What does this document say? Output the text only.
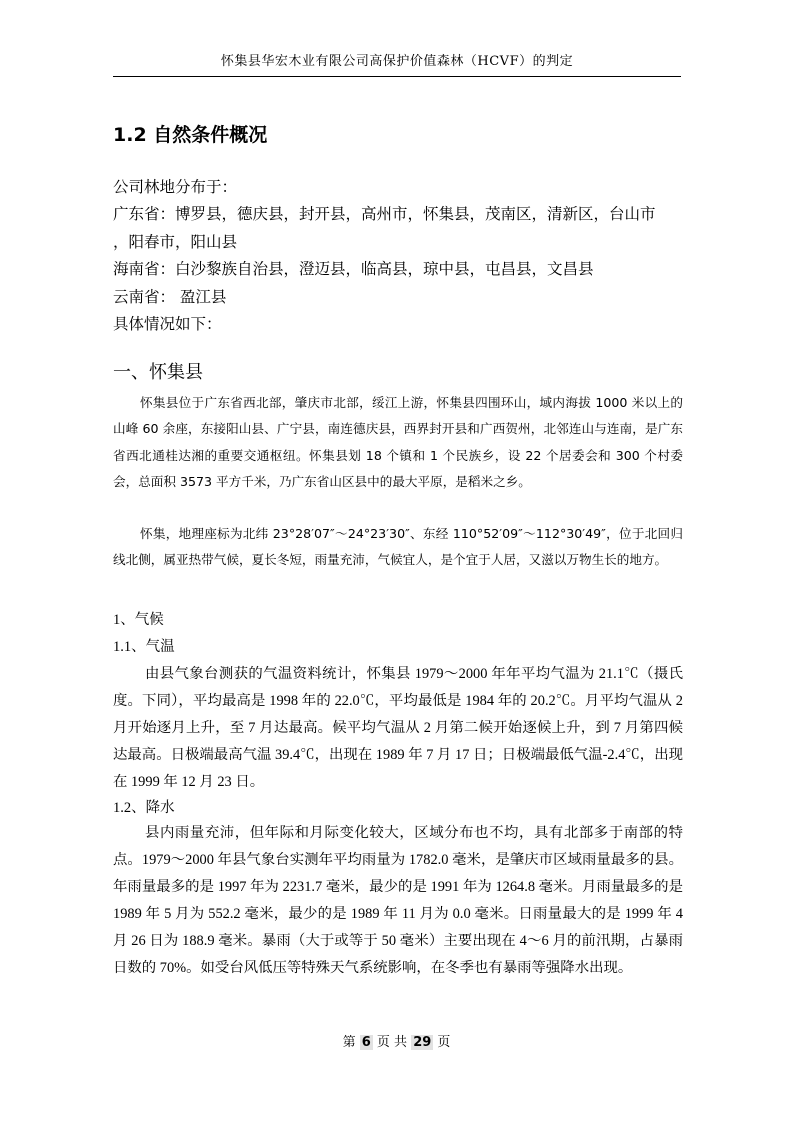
怀集县华宏木业有限公司高保护价值森林（HCVF）的判定
1.2 自然条件概况
公司林地分布于：
广东省：博罗县，德庆县，封开县，高州市，怀集县，茂南区，清新区，台山市
，阳春市，阳山县
海南省：白沙黎族自治县，澄迈县，临高县，琼中县，屯昌县，文昌县
云南省： 盈江县
具体情况如下：
一、怀集县

怀集县位于广东省西北部，肇庆市北部，绥江上游，怀集县四围环山，域内海拔 1000 米以上的山峰 60 余座，东接阳山县、广宁县，南连德庆县，西界封开县和广西贺州，北邻连山与连南，是广东省西北通桂达湘的重要交通枢纽。怀集县划 18 个镇和 1 个民族乡，设 22 个居委会和 300 个村委会，总面积 3573 平方千米，乃广东省山区县中的最大平原，是稻米之乡。

怀集，地理座标为北纬 23°28′07″～24°23′30″、东经 110°52′09″～112°30′49″，位于北回归线北侧，属亚热带气候，夏长冬短，雨量充沛，气候宜人，是个宜于人居，又滋以万物生长的地方。

1、气候
1.1、气温

由县气象台测获的气温资料统计，怀集县 1979～2000 年年平均气温为 21.1℃（摄氏度。下同），平均最高是 1998 年的 22.0℃，平均最低是 1984 年的 20.2℃。月平均气温从 2 月开始逐月上升，至 7 月达最高。候平均气温从 2 月第二候开始逐候上升，到 7 月第四候达最高。日极端最高气温 39.4℃，出现在 1989 年 7 月 17 日；日极端最低气温-2.4℃，出现在 1999 年 12 月 23 日。

1.2、降水

县内雨量充沛，但年际和月际变化较大，区域分布也不均，具有北部多于南部的特点。1979～2000 年县气象台实测年平均雨量为 1782.0 毫米，是肇庆市区域雨量最多的县。年雨量最多的是 1997 年为 2231.7 毫米，最少的是 1991 年为 1264.8 毫米。月雨量最多的是 1989 年 5 月为 552.2 毫米，最少的是 1989 年 11 月为 0.0 毫米。日雨量最大的是 1999 年 4 月 26 日为 188.9 毫米。暴雨（大于或等于 50 毫米）主要出现在 4～6 月的前汛期，占暴雨日数的 70%。如受台风低压等特殊天气系统影响，在冬季也有暴雨等强降水出现。

第 6 页 共 29 页
